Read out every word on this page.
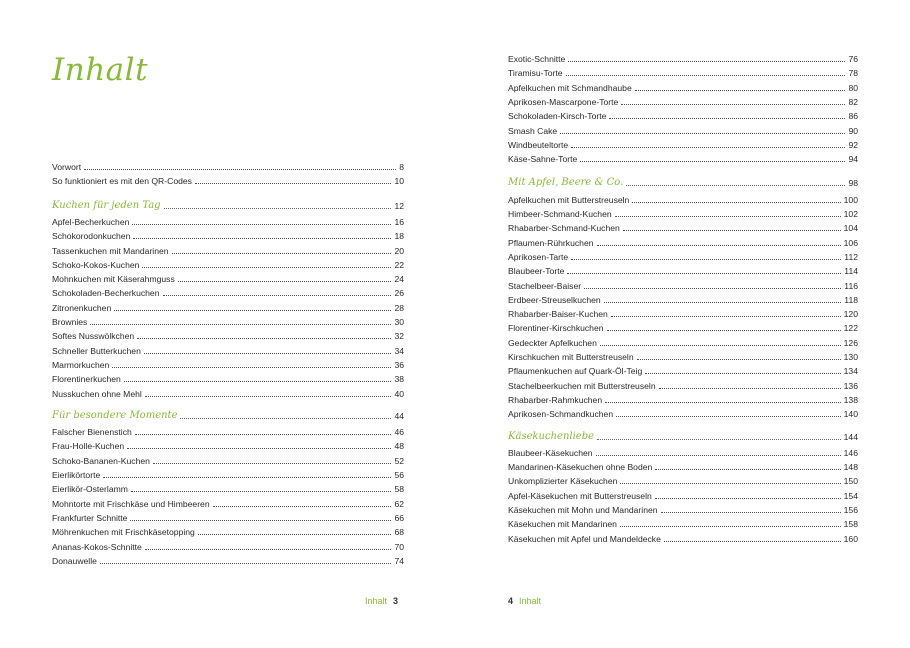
Inhalt
Vorwort	8
So funktioniert es mit den QR-Codes	10
Kuchen für jeden Tag	12
Apfel-Becherkuchen	16
Schokorodonkuchen	18
Tassenkuchen mit Mandarinen	20
Schoko-Kokos-Kuchen	22
Mohnkuchen mit Käserahmguss	24
Schokoladen-Becherkuchen	26
Zitronenkuchen	28
Brownies	30
Softes Nusswölkchen	32
Schneller Butterkuchen	34
Marmorkuchen	36
Florentinerkuchen	38
Nusskuchen ohne Mehl	40
Für besondere Momente	44
Falscher Bienenstich	46
Frau-Holle-Kuchen	48
Schoko-Bananen-Kuchen	52
Eierlikörtorte	56
Eierlikör-Osterlamm	58
Mohntorte mit Frischkäse und Himbeeren	62
Frankfurter Schnitte	66
Möhrenkuchen mit Frischkäsetopping	68
Ananas-Kokos-Schnitte	70
Donauwelle	74
Exotic-Schnitte	76
Tiramisu-Torte	78
Apfelkuchen mit Schmandhaube	80
Aprikosen-Mascarpone-Torte	82
Schokoladen-Kirsch-Torte	86
Smash Cake	90
Windbeuteltorte	92
Käse-Sahne-Torte	94
Mit Apfel, Beere & Co.	98
Apfelkuchen mit Butterstreuseln	100
Himbeer-Schmand-Kuchen	102
Rhabarber-Schmand-Kuchen	104
Pflaumen-Rührkuchen	106
Aprikosen-Tarte	112
Blaubeer-Torte	114
Stachelbeer-Baiser	116
Erdbeer-Streuselkuchen	118
Rhabarber-Baiser-Kuchen	120
Florentiner-Kirschkuchen	122
Gedeckter Apfelkuchen	126
Kirschkuchen mit Butterstreuseln	130
Pflaumenkuchen auf Quark-Öl-Teig	134
Stachelbeerkuchen mit Butterstreuseln	136
Rhabarber-Rahmkuchen	138
Aprikosen-Schmandkuchen	140
Käsekuchenliebe	144
Blaubeer-Käsekuchen	146
Mandarinen-Käsekuchen ohne Boden	148
Unkomplizierter Käsekuchen	150
Apfel-Käsekuchen mit Butterstreuseln	154
Käsekuchen mit Mohn und Mandarinen	156
Käsekuchen mit Mandarinen	158
Käsekuchen mit Apfel und Mandeldecke	160
Inhalt 3	4 Inhalt
